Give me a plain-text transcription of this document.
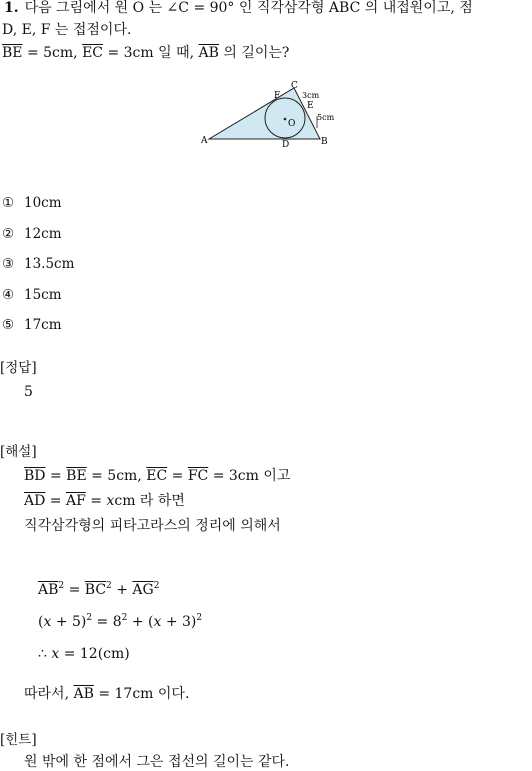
1. 다음 그림에서 원 O 는 ∠C = 90° 인 직각삼각형 ABC 의 내접원이고, 점
D, E, F 는 접점이다.
$\overline{BE} = 5cm$, $\overline{EC} = 3cm$ 일 때, $\overline{AB}$ 의 길이는?
A	B
C
D
E
F
O
3cm
5cm
① 10cm
② 12cm
③ 13.5cm
④ 15cm
⑤ 17cm
[정답]
5
[해설]
$\overline{BD} = \overline{BE} = 5cm$, $\overline{EC} = \overline{FC} = 3cm$ 이고
$\overline{AD} = \overline{AF}$ = xcm 라 하면
직각삼각형의 피타고라스의 정리에 의해서
$\overline{AB}^2 = \overline{BC}^2 + \overline{AG}^2$
$(x + 5)^2 = 8^2 + (x + 3)^2$
∴ x = 12(cm)
따라서, $\overline{AB} = 17cm$ 이다.
[힌트]
원 밖에 한 점에서 그은 접선의 길이는 같다.
